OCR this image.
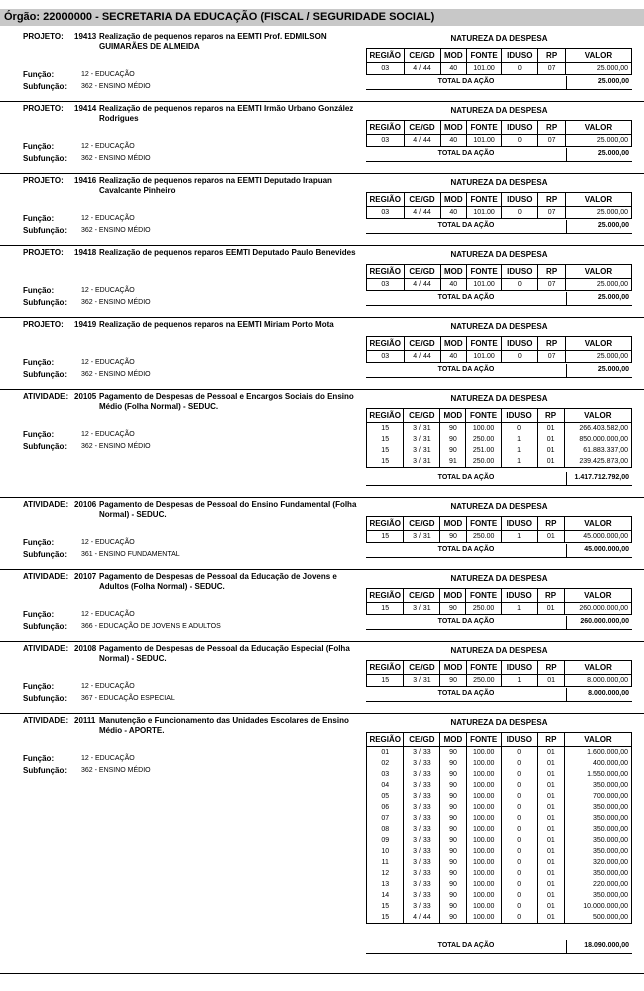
Órgão: 22000000 - SECRETARIA DA EDUCAÇÃO (FISCAL / SEGURIDADE SOCIAL)
PROJETO: 19413 Realização de pequenos reparos na EEMTI Prof. EDMILSON GUIMARÃES DE ALMEIDA
Função:	12 - EDUCAÇÃO
Subfunção: 362 - ENSINO MÉDIO
NATUREZA DA DESPESA
REGIÃO	CE/GD	MOD	FONTE	IDUSO	RP	VALOR
03	4 / 44	40	101.00	0	07	25.000,00
TOTAL DA AÇÃO	25.000,00
PROJETO: 19414 Realização de pequenos reparos na EEMTI Irmão Urbano González Rodrigues
Função:	12 - EDUCAÇÃO
Subfunção: 362 - ENSINO MÉDIO
NATUREZA DA DESPESA
REGIÃO	CE/GD	MOD	FONTE	IDUSO	RP	VALOR
03	4 / 44	40	101.00	0	07	25.000,00
TOTAL DA AÇÃO	25.000,00
PROJETO: 19416 Realização de pequenos reparos na EEMTI Deputado Irapuan Cavalcante Pinheiro
Função:	12 - EDUCAÇÃO
Subfunção: 362 - ENSINO MÉDIO
NATUREZA DA DESPESA
REGIÃO	CE/GD	MOD	FONTE	IDUSO	RP	VALOR
03	4 / 44	40	101.00	0	07	25.000,00
TOTAL DA AÇÃO	25.000,00
PROJETO: 19418 Realização de pequenos reparos EEMTI Deputado Paulo Benevides
Função:	12 - EDUCAÇÃO
Subfunção: 362 - ENSINO MÉDIO
NATUREZA DA DESPESA
REGIÃO	CE/GD	MOD	FONTE	IDUSO	RP	VALOR
03	4 / 44	40	101.00	0	07	25.000,00
TOTAL DA AÇÃO	25.000,00
PROJETO: 19419 Realização de pequenos reparos na EEMTI Miriam Porto Mota
Função:	12 - EDUCAÇÃO
Subfunção: 362 - ENSINO MÉDIO
NATUREZA DA DESPESA
REGIÃO	CE/GD	MOD	FONTE	IDUSO	RP	VALOR
03	4 / 44	40	101.00	0	07	25.000,00
TOTAL DA AÇÃO	25.000,00
ATIVIDADE: 20105 Pagamento de Despesas de Pessoal e Encargos Sociais do Ensino Médio (Folha Normal) - SEDUC.
Função:	12 - EDUCAÇÃO
Subfunção: 362 - ENSINO MÉDIO
NATUREZA DA DESPESA
REGIÃO	CE/GD	MOD	FONTE	IDUSO	RP	VALOR
15	3 / 31	90	100.00	0	01	266.403.582,00
15	3 / 31	90	250.00	1	01	850.000.000,00
15	3 / 31	90	251.00	1	01	61.883.337,00
15	3 / 31	91	250.00	1	01	239.425.873,00
TOTAL DA AÇÃO	1.417.712.792,00
ATIVIDADE: 20106 Pagamento de Despesas de Pessoal do Ensino Fundamental (Folha Normal) - SEDUC.
Função:	12 - EDUCAÇÃO
Subfunção: 361 - ENSINO FUNDAMENTAL
NATUREZA DA DESPESA
REGIÃO	CE/GD	MOD	FONTE	IDUSO	RP	VALOR
15	3 / 31	90	250.00	1	01	45.000.000,00
TOTAL DA AÇÃO	45.000.000,00
ATIVIDADE: 20107 Pagamento de Despesas de Pessoal da Educação de Jovens e Adultos (Folha Normal) - SEDUC.
Função:	12 - EDUCAÇÃO
Subfunção: 366 - EDUCAÇÃO DE JOVENS E ADULTOS
NATUREZA DA DESPESA
REGIÃO	CE/GD	MOD	FONTE	IDUSO	RP	VALOR
15	3 / 31	90	250.00	1	01	260.000.000,00
TOTAL DA AÇÃO	260.000.000,00
ATIVIDADE: 20108 Pagamento de Despesas de Pessoal da Educação Especial (Folha Normal) - SEDUC.
Função:	12 - EDUCAÇÃO
Subfunção: 367 - EDUCAÇÃO ESPECIAL
NATUREZA DA DESPESA
REGIÃO	CE/GD	MOD	FONTE	IDUSO	RP	VALOR
15	3 / 31	90	250.00	1	01	8.000.000,00
TOTAL DA AÇÃO	8.000.000,00
ATIVIDADE: 20111 Manutenção e Funcionamento das Unidades Escolares de Ensino Médio - APORTE.
Função:	12 - EDUCAÇÃO
Subfunção: 362 - ENSINO MÉDIO
NATUREZA DA DESPESA
REGIÃO	CE/GD	MOD	FONTE	IDUSO	RP	VALOR
01	3 / 33	90	100.00	0	01	1.600.000,00
02	3 / 33	90	100.00	0	01	400.000,00
03	3 / 33	90	100.00	0	01	1.550.000,00
04	3 / 33	90	100.00	0	01	350.000,00
05	3 / 33	90	100.00	0	01	700.000,00
06	3 / 33	90	100.00	0	01	350.000,00
07	3 / 33	90	100.00	0	01	350.000,00
08	3 / 33	90	100.00	0	01	350.000,00
09	3 / 33	90	100.00	0	01	350.000,00
10	3 / 33	90	100.00	0	01	350.000,00
11	3 / 33	90	100.00	0	01	320.000,00
12	3 / 33	90	100.00	0	01	350.000,00
13	3 / 33	90	100.00	0	01	220.000,00
14	3 / 33	90	100.00	0	01	350.000,00
15	3 / 33	90	100.00	0	01	10.000.000,00
15	4 / 44	90	100.00	0	01	500.000,00
TOTAL DA AÇÃO	18.090.000,00
